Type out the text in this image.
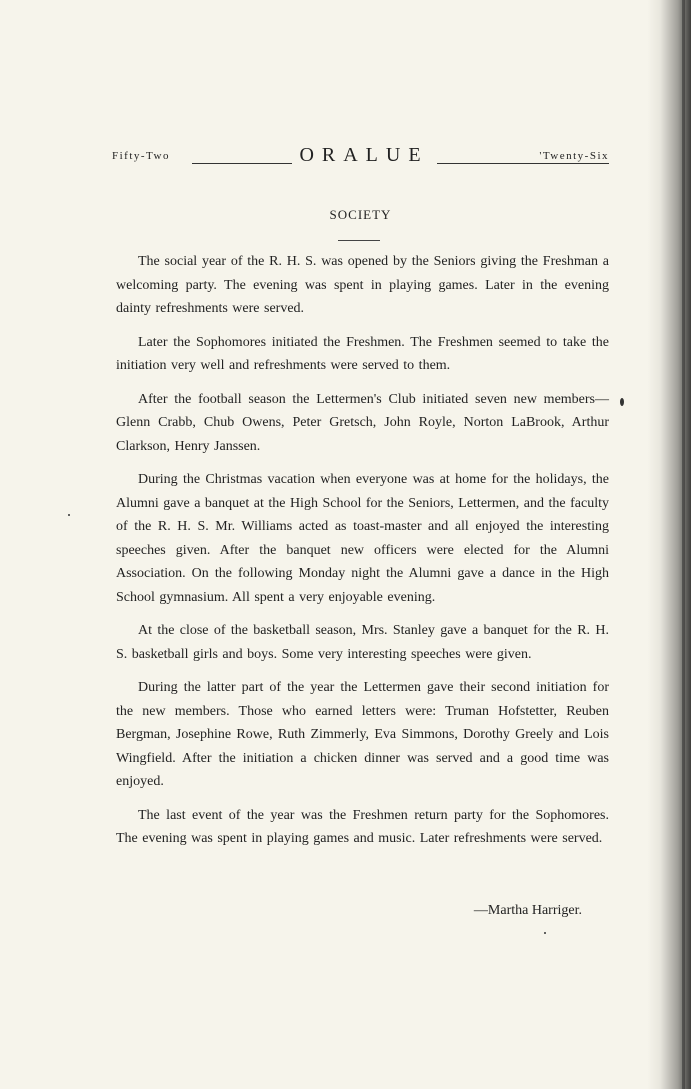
Fifty-Two	ORALUE	'Twenty-Six
SOCIETY

The social year of the R. H. S. was opened by the Seniors giving the Freshman a welcoming party. The evening was spent in playing games. Later in the evening dainty refreshments were served.

Later the Sophomores initiated the Freshmen. The Freshmen seemed to take the initiation very well and refreshments were served to them.

After the football season the Lettermen's Club initiated seven new members—Glenn Crabb, Chub Owens, Peter Gretsch, John Royle, Norton LaBrook, Arthur Clarkson, Henry Janssen.

During the Christmas vacation when everyone was at home for the holidays, the Alumni gave a banquet at the High School for the Seniors, Lettermen, and the faculty of the R. H. S. Mr. Williams acted as toast-master and all enjoyed the interesting speeches given. After the banquet new officers were elected for the Alumni Association. On the following Monday night the Alumni gave a dance in the High School gymnasium. All spent a very enjoyable evening.

At the close of the basketball season, Mrs. Stanley gave a banquet for the R. H. S. basketball girls and boys. Some very interesting speeches were given.

During the latter part of the year the Lettermen gave their second initiation for the new members. Those who earned letters were: Truman Hofstetter, Reuben Bergman, Josephine Rowe, Ruth Zimmerly, Eva Simmons, Dorothy Greely and Lois Wingfield. After the initiation a chicken dinner was served and a good time was enjoyed.

The last event of the year was the Freshmen return party for the Sophomores. The evening was spent in playing games and music. Later refreshments were served.

—Martha Harriger.
